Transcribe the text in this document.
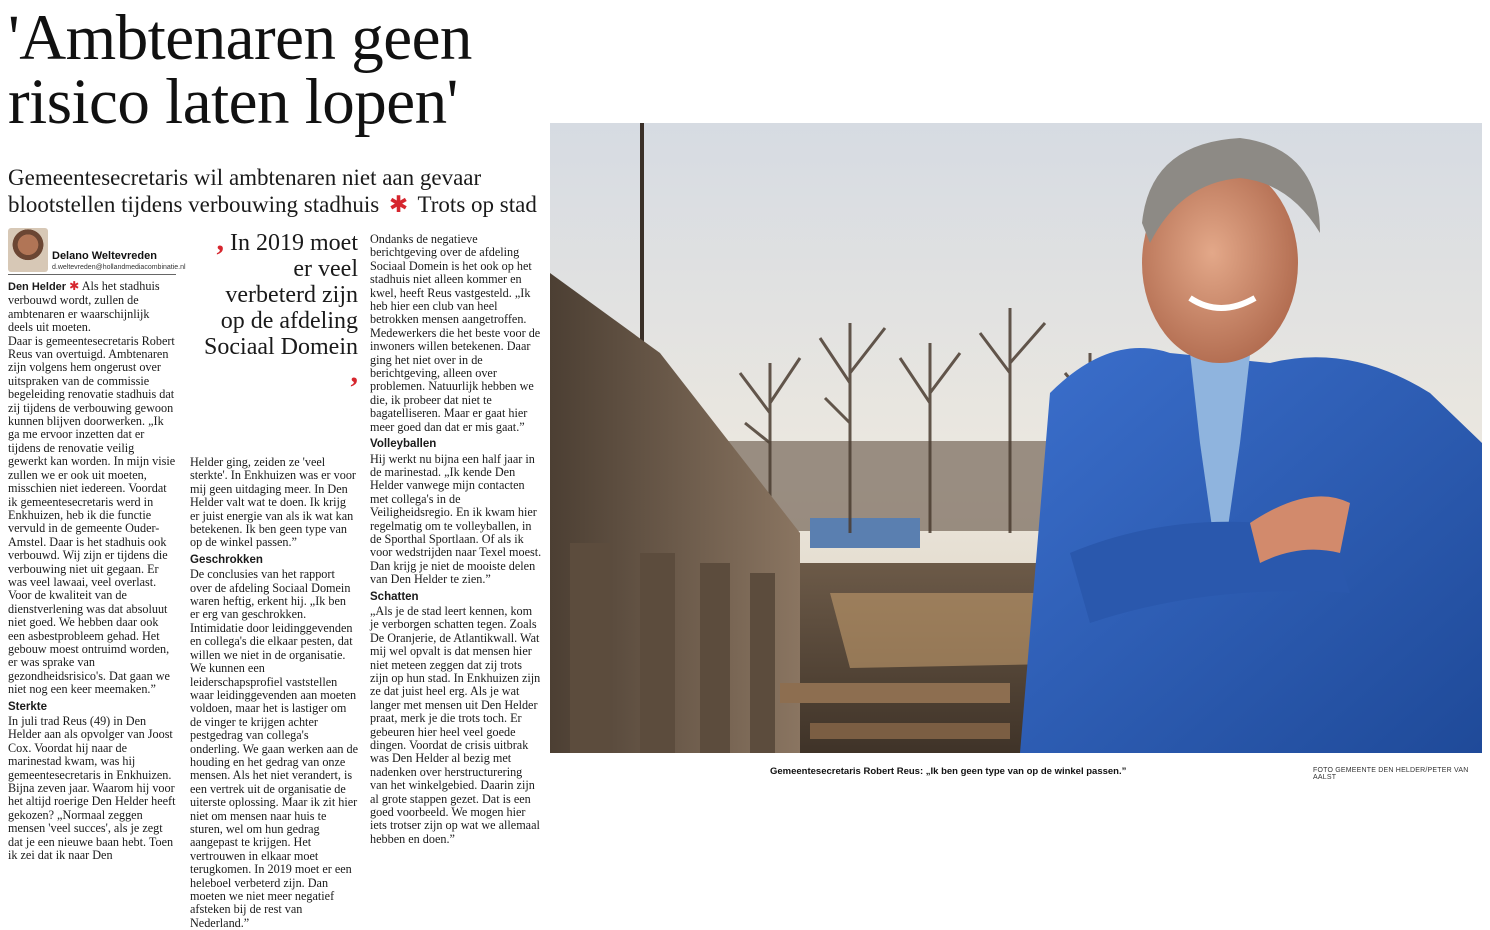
'Ambtenaren geen risico laten lopen'
Gemeentesecretaris wil ambtenaren niet aan gevaar blootstellen tijdens verbouwing stadhuis ✱ Trots op stad
Delano Weltevreden
d.weltevreden@hollandmediacombinatie.nl

Den Helder ✱ Als het stadhuis verbouwd wordt, zullen de ambtenaren er waarschijnlijk deels uit moeten.

Daar is gemeentesecretaris Robert Reus van overtuigd. Ambtenaren zijn volgens hem ongerust over uitspraken van de commissie begeleiding renovatie stadhuis dat zij tijdens de verbouwing gewoon kunnen blijven doorwerken. „Ik ga me ervoor inzetten dat er tijdens de renovatie veilig gewerkt kan worden. In mijn visie zullen we er ook uit moeten, misschien niet iedereen. Voordat ik gemeentesecretaris werd in Enkhuizen, heb ik die functie vervuld in de gemeente Ouder-Amstel. Daar is het stadhuis ook verbouwd. Wij zijn er tijdens die verbouwing niet uit gegaan. Er was veel lawaai, veel overlast. Voor de kwaliteit van de dienstverlening was dat absoluut niet goed. We hebben daar ook een asbestprobleem gehad. Het gebouw moest ontruimd worden, er was sprake van gezondheidsrisico's. Dat gaan we niet nog een keer meemaken.”

Sterkte

In juli trad Reus (49) in Den Helder aan als opvolger van Joost Cox. Voordat hij naar de marinestad kwam, was hij gemeentesecretaris in Enkhuizen. Bijna zeven jaar. Waarom hij voor het altijd roerige Den Helder heeft gekozen? „Normaal zeggen mensen 'veel succes', als je zegt dat je een nieuwe baan hebt. Toen ik zei dat ik naar Den

, In 2019 moet er veel verbeterd zijn op de afdeling Sociaal Domein ,

Helder ging, zeiden ze 'veel sterkte'. In Enkhuizen was er voor mij geen uitdaging meer. In Den Helder valt wat te doen. Ik krijg er juist energie van als ik wat kan betekenen. Ik ben geen type van op de winkel passen.”

Geschrokken

De conclusies van het rapport over de afdeling Sociaal Domein waren heftig, erkent hij. „Ik ben er erg van geschrokken. Intimidatie door leidinggevenden en collega's die elkaar pesten, dat willen we niet in de organisatie. We kunnen een leiderschapsprofiel vaststellen waar leidinggevenden aan moeten voldoen, maar het is lastiger om de vinger te krijgen achter pestgedrag van collega's onderling. We gaan werken aan de houding en het gedrag van onze mensen. Als het niet verandert, is een vertrek uit de organisatie de uiterste oplossing. Maar ik zit hier niet om mensen naar huis te sturen, wel om hun gedrag aangepast te krijgen. Het vertrouwen in elkaar moet terugkomen. In 2019 moet er een heleboel verbeterd zijn. Dan moeten we niet meer negatief afsteken bij de rest van Nederland.”

Ondanks de negatieve berichtgeving over de afdeling Sociaal Domein is het ook op het stadhuis niet alleen kommer en kwel, heeft Reus vastgesteld. „Ik heb hier een club van heel betrokken mensen aangetroffen. Medewerkers die het beste voor de inwoners willen betekenen. Daar ging het niet over in de berichtgeving, alleen over problemen. Natuurlijk hebben we die, ik probeer dat niet te bagatelliseren. Maar er gaat hier meer goed dan dat er mis gaat.”

Volleyballen

Hij werkt nu bijna een half jaar in de marinestad. „Ik kende Den Helder vanwege mijn contacten met collega's in de Veiligheidsregio. En ik kwam hier regelmatig om te volleyballen, in de Sporthal Sportlaan. Of als ik voor wedstrijden naar Texel moest. Dan krijg je niet de mooiste delen van Den Helder te zien.”

Schatten

„Als je de stad leert kennen, kom je verborgen schatten tegen. Zoals De Oranjerie, de Atlantikwall. Wat mij wel opvalt is dat mensen hier niet meteen zeggen dat zij trots zijn op hun stad. In Enkhuizen zijn ze dat juist heel erg. Als je wat langer met mensen uit Den Helder praat, merk je die trots toch. Er gebeuren hier heel veel goede dingen. Voordat de crisis uitbrak was Den Helder al bezig met nadenken over herstructurering van het winkelgebied. Daarin zijn al grote stappen gezet. Dat is een goed voorbeeld. We mogen hier iets trotser zijn op wat we allemaal hebben en doen.”

Gemeentesecretaris Robert Reus: „Ik ben geen type van op de winkel passen.”	FOTO GEMEENTE DEN HELDER/PETER VAN AALST
